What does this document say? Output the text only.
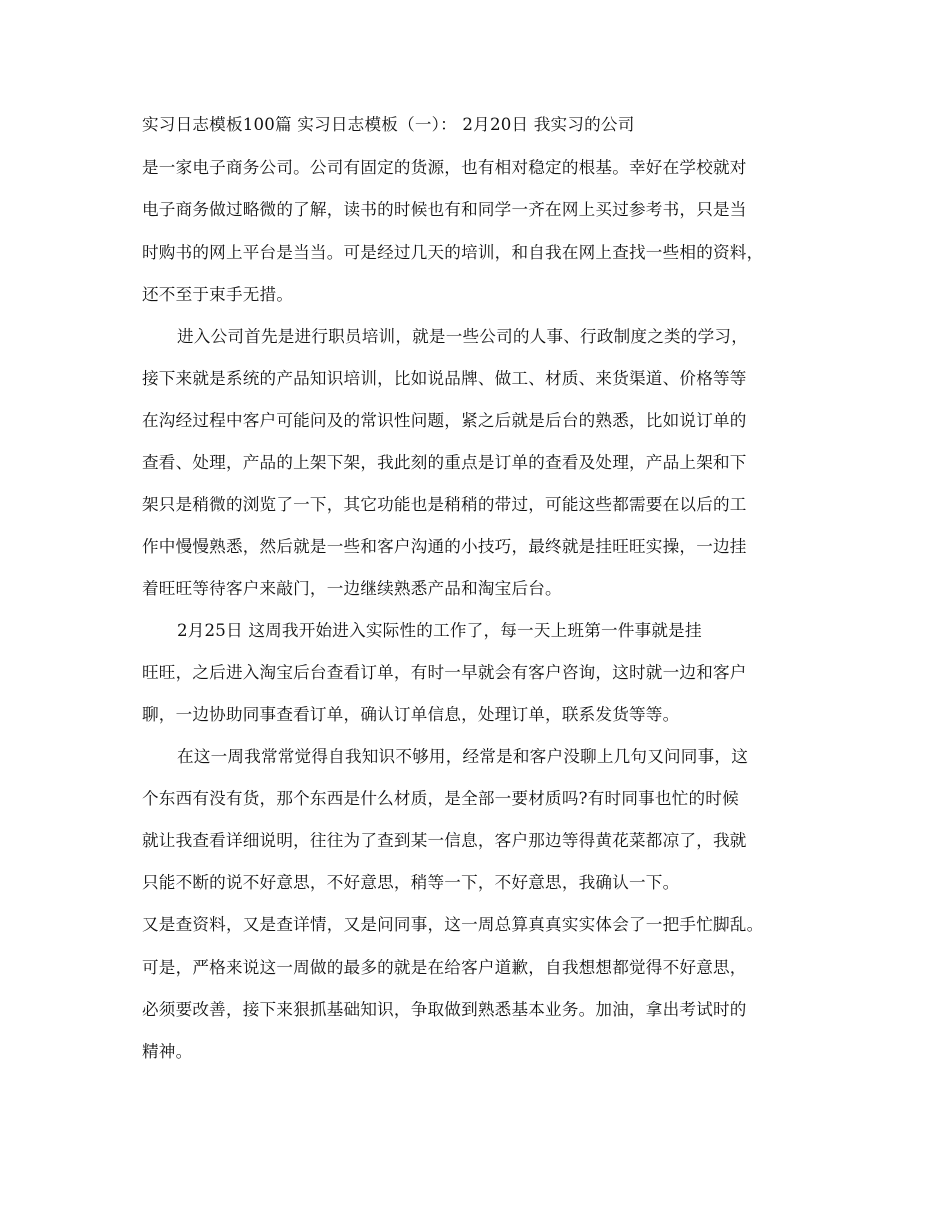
实习日志模板100篇 实习日志模板（一）： 2月20日 我实习的公司
是一家电子商务公司。公司有固定的货源，也有相对稳定的根基。幸好在学校就对
电子商务做过略微的了解，读书的时候也有和同学一齐在网上买过参考书，只是当
时购书的网上平台是当当。可是经过几天的培训，和自我在网上查找一些相的资料，
还不至于束手无措。
进入公司首先是进行职员培训，就是一些公司的人事、行政制度之类的学习，
接下来就是系统的产品知识培训，比如说品牌、做工、材质、来货渠道、价格等等
在沟经过程中客户可能问及的常识性问题，紧之后就是后台的熟悉，比如说订单的
查看、处理，产品的上架下架，我此刻的重点是订单的查看及处理，产品上架和下
架只是稍微的浏览了一下，其它功能也是稍稍的带过，可能这些都需要在以后的工
作中慢慢熟悉，然后就是一些和客户沟通的小技巧，最终就是挂旺旺实操，一边挂
着旺旺等待客户来敲门，一边继续熟悉产品和淘宝后台。
2月25日 这周我开始进入实际性的工作了，每一天上班第一件事就是挂
旺旺，之后进入淘宝后台查看订单，有时一早就会有客户咨询，这时就一边和客户
聊，一边协助同事查看订单，确认订单信息，处理订单，联系发货等等。
在这一周我常常觉得自我知识不够用，经常是和客户没聊上几句又问同事，这
个东西有没有货，那个东西是什么材质，是全部一要材质吗?有时同事也忙的时候
就让我查看详细说明，往往为了查到某一信息，客户那边等得黄花菜都凉了，我就
只能不断的说不好意思，不好意思，稍等一下，不好意思，我确认一下。
又是查资料，又是查详情，又是问同事，这一周总算真真实实体会了一把手忙脚乱。
可是，严格来说这一周做的最多的就是在给客户道歉，自我想想都觉得不好意思，
必须要改善，接下来狠抓基础知识，争取做到熟悉基本业务。加油，拿出考试时的
精神。
